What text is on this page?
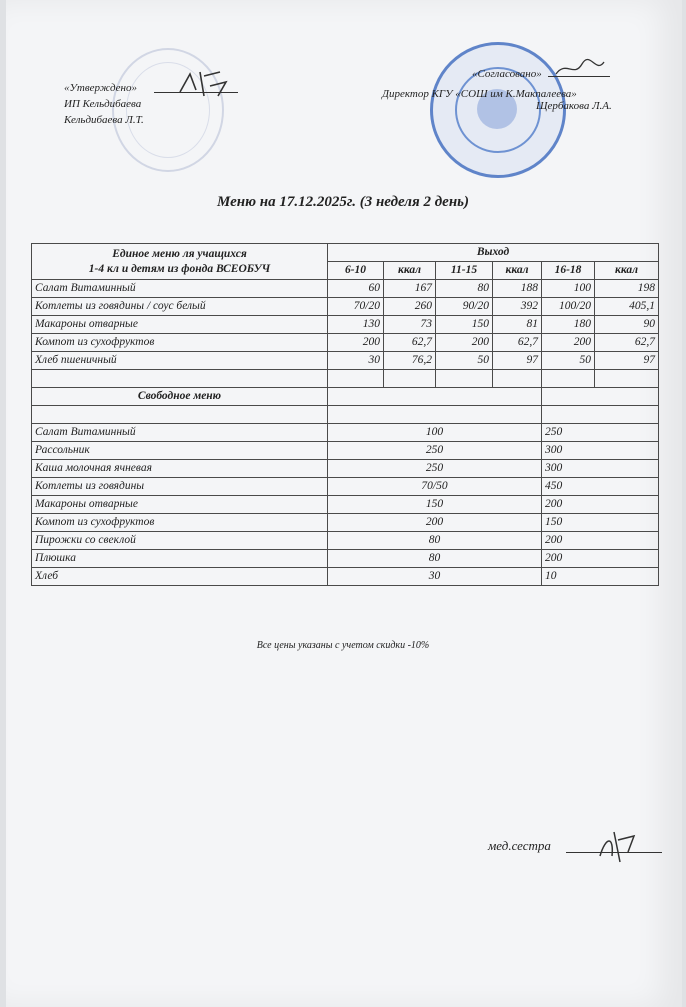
«Утверждено»
ИП Кельдибаева
Кельдибаева Л.Т.
«Согласовано»
Директор КГУ «СОШ им К.Макпалеева»
Щербакова Л.А.
Меню на 17.12.2025г. (3 неделя 2 день)
Единое меню ля учащихся
1-4 кл и детям из фонда ВСЕОБУЧ	Выход					
	6-10	ккал	11-15	ккал	16-18	ккал
Салат Витаминный	60	167	80	188	100	198
Котлеты из говядины / соус белый	70/20	260	90/20	392	100/20	405,1
Макароны отварные	130	73	150	81	180	90
Компот из сухофруктов	200	62,7	200	62,7	200	62,7
Хлеб пшеничный	30	76,2	50	97	50	97

Свободное меню						

Салат Витаминный	100				250	
Рассольник	250				300	
Каша молочная ячневая	250				300	
Котлеты из говядины	70/50				450	
Макароны отварные	150				200	
Компот из сухофруктов	200				150	
Пирожки со свеклой	80				200	
Плюшка	80				200	
Хлеб	30				10	
Все цены указаны с учетом скидки -10%
мед.сестра
